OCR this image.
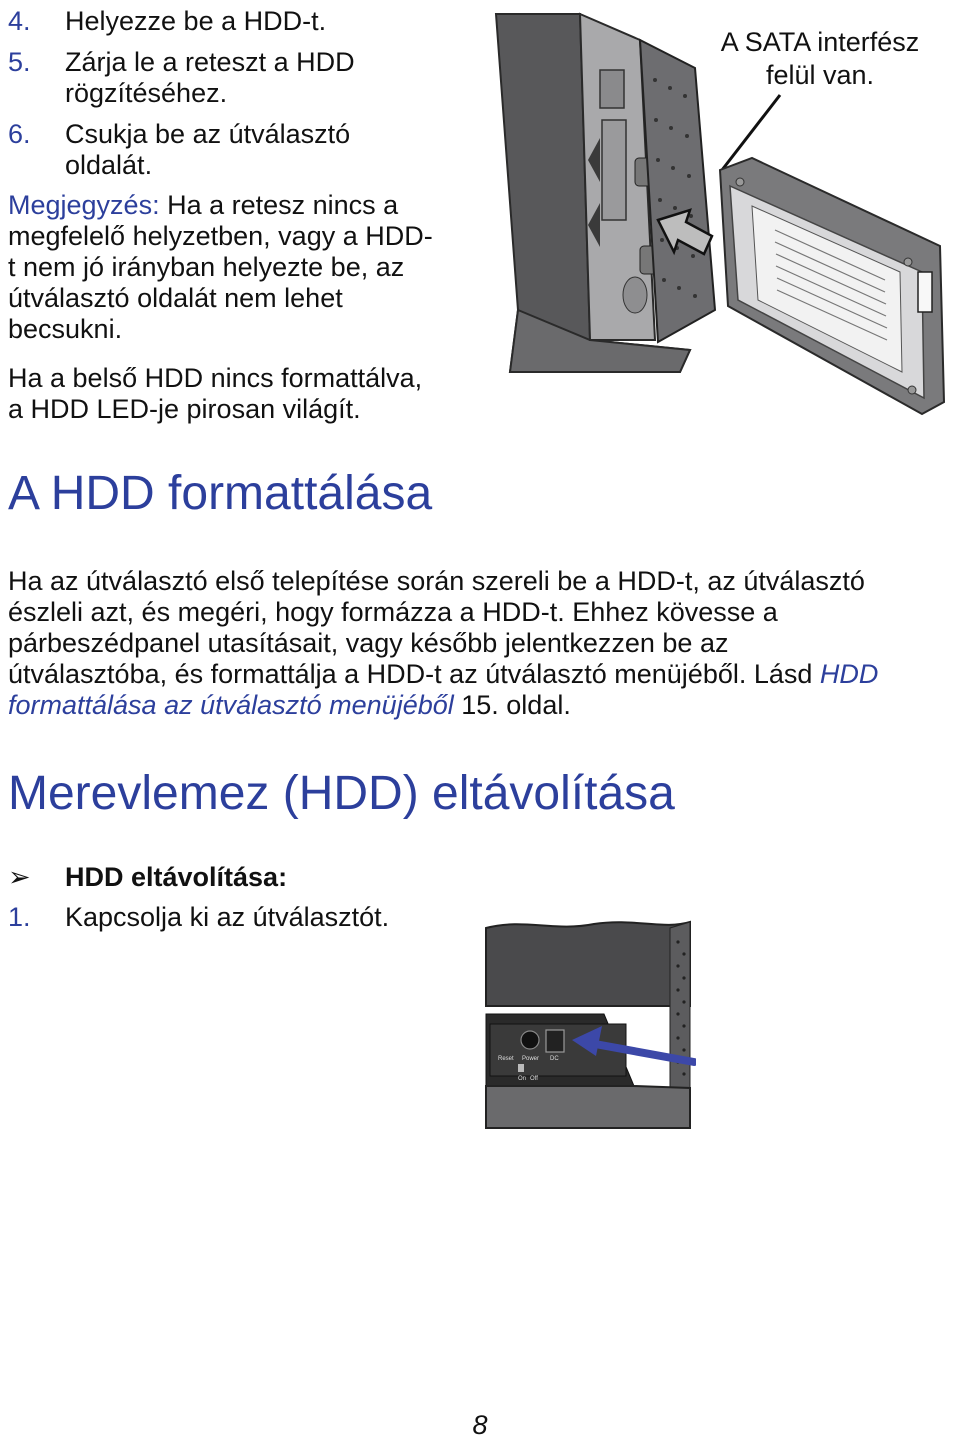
4. Helyezze be a HDD-t.
5. Zárja le a reteszt a HDD
rögzítéséhez.
6. Csukja be az útválasztó
oldalát.
Megjegyzés: Ha a retesz nincs a
megfelelő helyzetben, vagy a HDD-
t nem jó irányban helyezte be, az
útválasztó oldalát nem lehet
becsukni.
Ha a belső HDD nincs formattálva,
a HDD LED-je pirosan világít.
A SATA interfész
felül van.
A HDD formattálása
Ha az útválasztó első telepítése során szereli be a HDD-t, az útválasztó
észleli azt, és megéri, hogy formázza a HDD-t. Ehhez kövesse a
párbeszédpanel utasításait, vagy később jelentkezzen be az
útválasztóba, és formattálja a HDD-t az útválasztó menüjéből. Lásd HDD
formattálása az útválasztó menüjéből 15. oldal.
Merevlemez (HDD) eltávolítása
➢ HDD eltávolítása:
1. Kapcsolja ki az útválasztót.
Reset Power DC
On Off
8
